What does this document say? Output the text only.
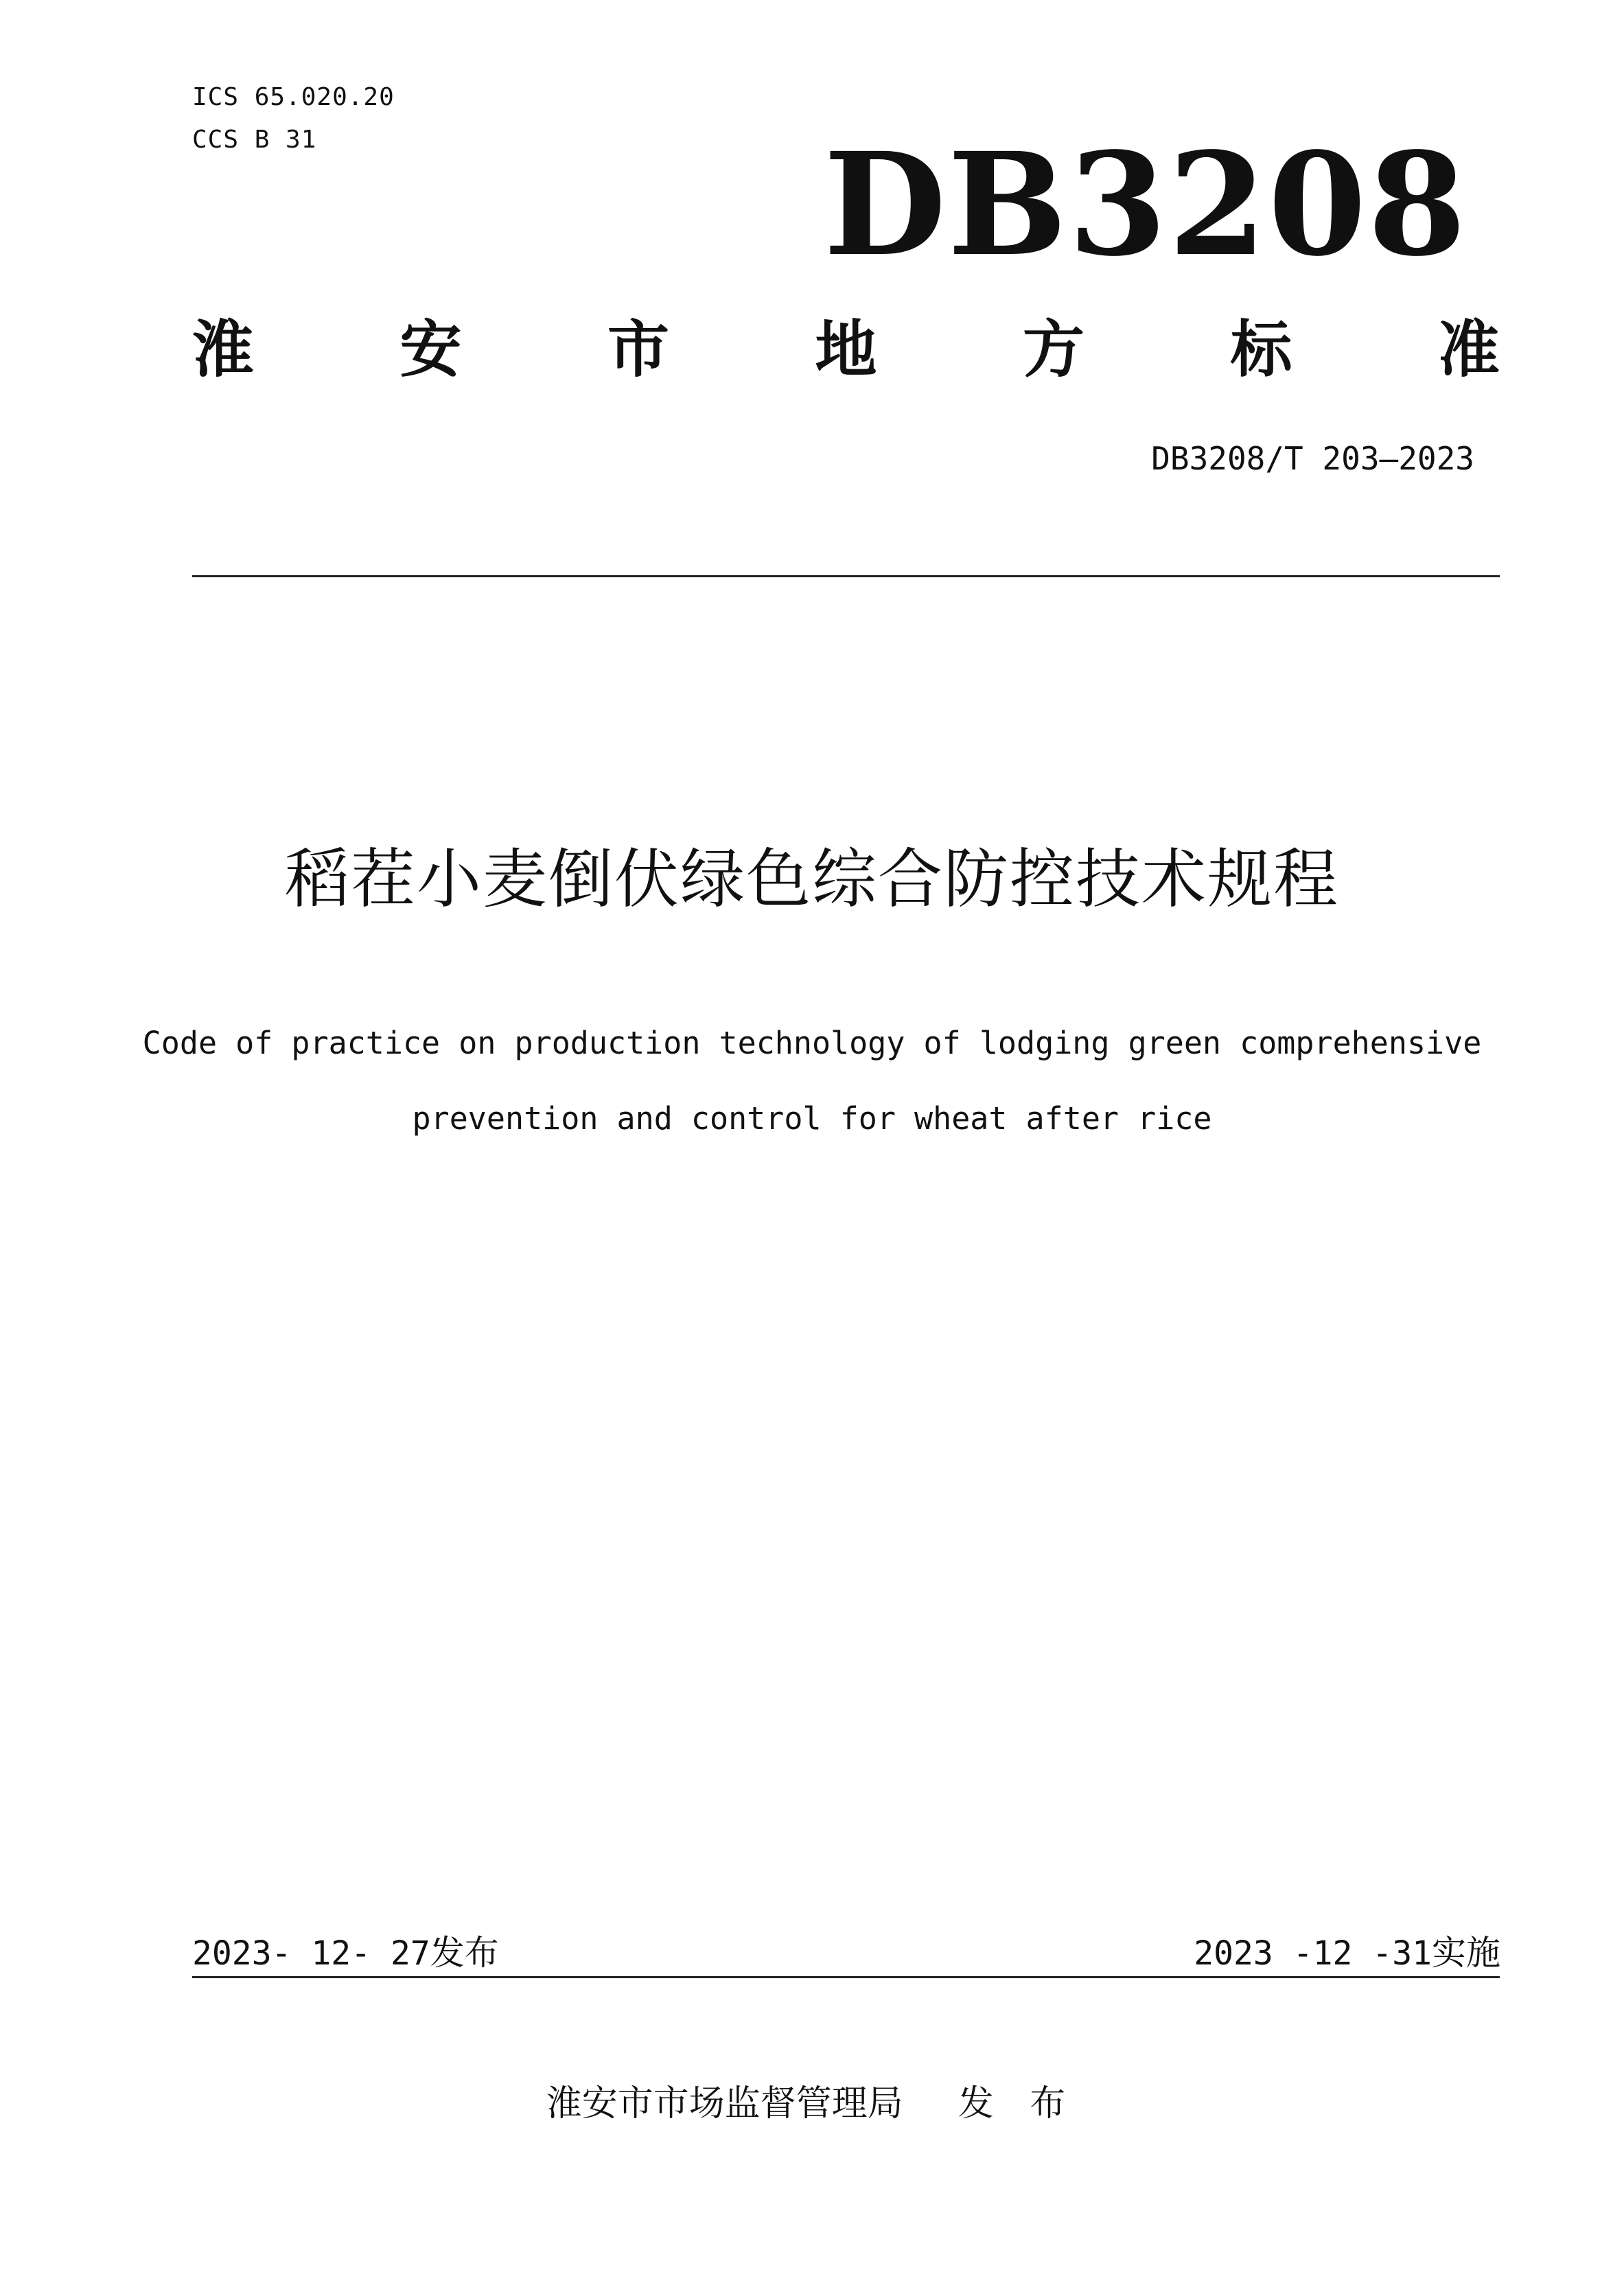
ICS 65.020.20
CCS B 31	DB3208
淮 安 市 地 方 标 准
DB3208/T 203—2023
稻茬小麦倒伏绿色综合防控技术规程
Code of practice on production technology of lodging green comprehensive
prevention and control for wheat after rice
2023- 12- 27发布	2023 -12 -31实施
淮安市市场监督管理局 发 布
